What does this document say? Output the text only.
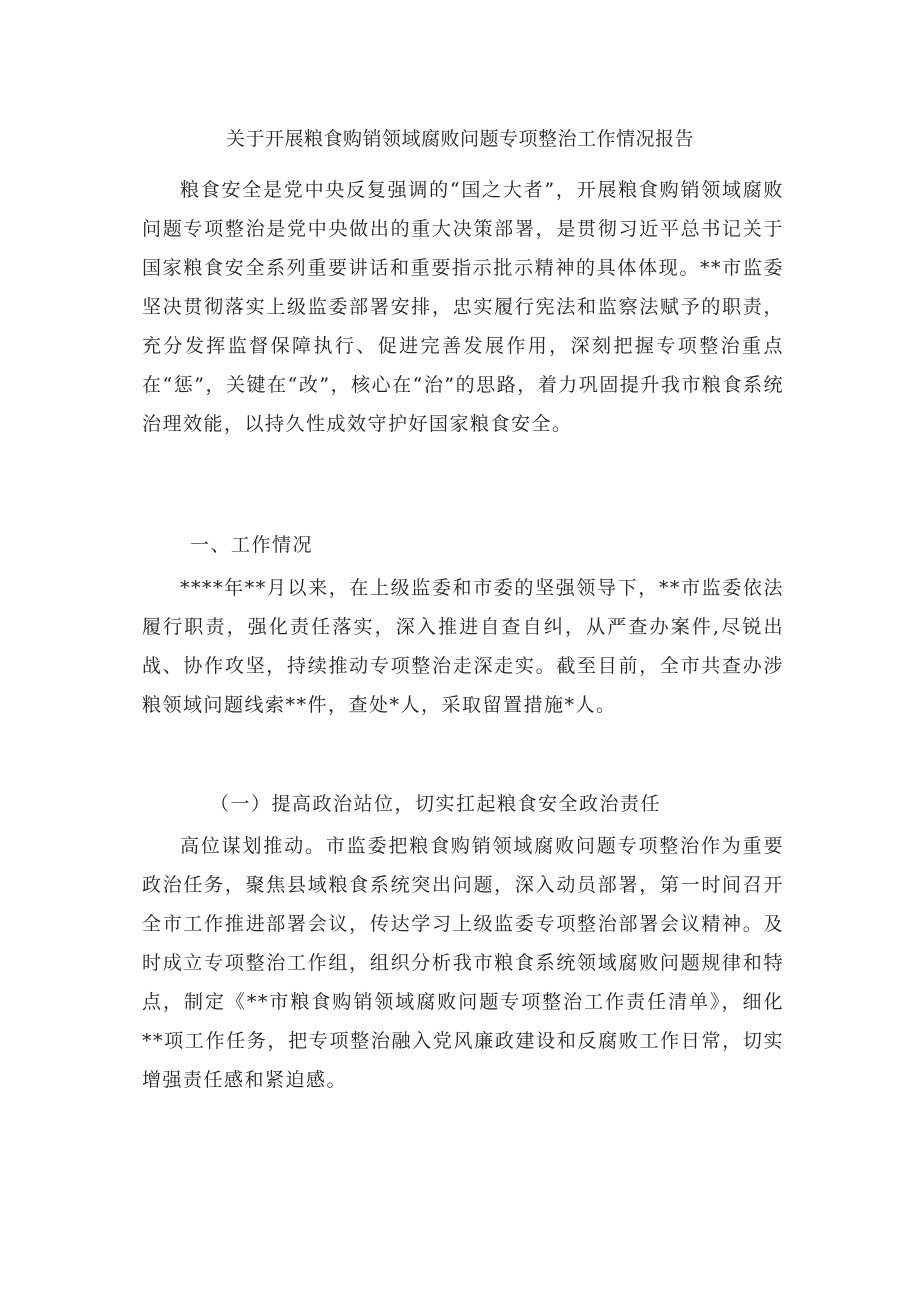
关于开展粮食购销领域腐败问题专项整治工作情况报告

粮食安全是党中央反复强调的“国之大者”，开展粮食购销领域腐败问题专项整治是党中央做出的重大决策部署，是贯彻习近平总书记关于国家粮食安全系列重要讲话和重要指示批示精神的具体体现。**市监委坚决贯彻落实上级监委部署安排，忠实履行宪法和监察法赋予的职责，充分发挥监督保障执行、促进完善发展作用，深刻把握专项整治重点在“惩”，关键在“改”，核心在“治”的思路，着力巩固提升我市粮食系统治理效能，以持久性成效守护好国家粮食安全。

一、工作情况

****年**月以来，在上级监委和市委的坚强领导下，**市监委依法履行职责，强化责任落实，深入推进自查自纠，从严查办案件,尽锐出战、协作攻坚，持续推动专项整治走深走实。截至目前，全市共查办涉粮领域问题线索**件，查处*人，采取留置措施*人。

（一）提高政治站位，切实扛起粮食安全政治责任

高位谋划推动。市监委把粮食购销领域腐败问题专项整治作为重要政治任务，聚焦县域粮食系统突出问题，深入动员部署，第一时间召开全市工作推进部署会议，传达学习上级监委专项整治部署会议精神。及时成立专项整治工作组，组织分析我市粮食系统领域腐败问题规律和特点，制定《**市粮食购销领域腐败问题专项整治工作责任清单》，细化**项工作任务，把专项整治融入党风廉政建设和反腐败工作日常，切实增强责任感和紧迫感。
